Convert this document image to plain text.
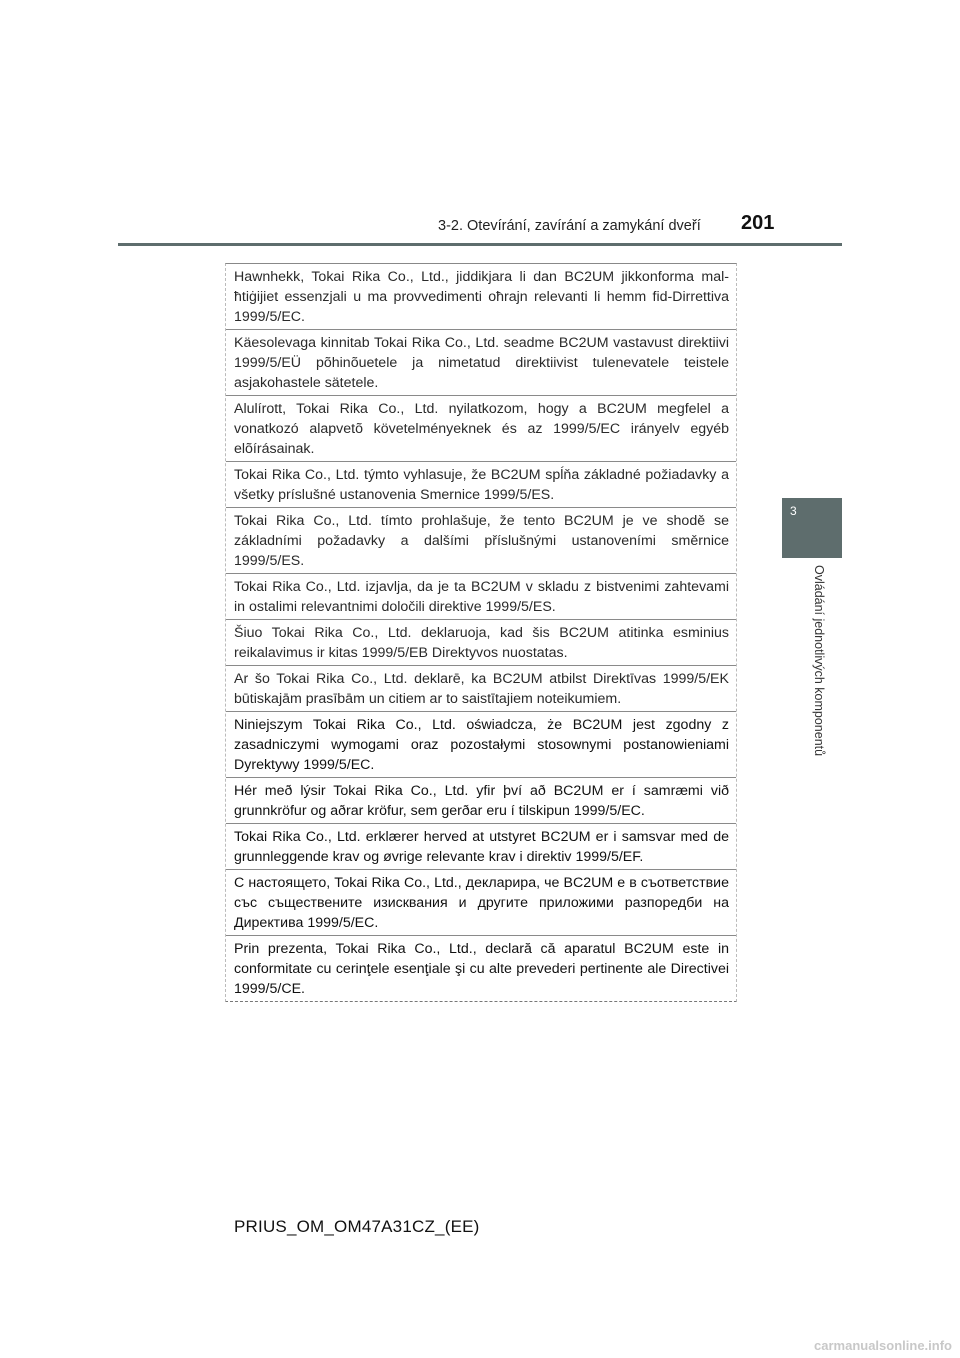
3-2. Otevírání, zavírání a zamykání dveří 201
3
Ovládání jednotlivých komponentů
Hawnhekk, Tokai Rika Co., Ltd., jiddikjara li dan BC2UM jikkonforma mal-ħtiġijiet essenzjali u ma provvedimenti oħrajn relevanti li hemm fid-Dirrettiva 1999/5/EC.
Käesolevaga kinnitab Tokai Rika Co., Ltd. seadme BC2UM vastavust direktiivi 1999/5/EÜ põhinõuetele ja nimetatud direktiivist tulenevatele teistele asjakohastele sätetele.
Alulírott, Tokai Rika Co., Ltd. nyilatkozom, hogy a BC2UM megfelel a vonatkozó alapvetõ követelményeknek és az 1999/5/EC irányelv egyéb elõírásainak.
Tokai Rika Co., Ltd. týmto vyhlasuje, že BC2UM spĺňa základné požiadavky a všetky príslušné ustanovenia Smernice 1999/5/ES.
Tokai Rika Co., Ltd. tímto prohlašuje, že tento BC2UM je ve shodě se základními požadavky a dalšími příslušnými ustanoveními směrnice 1999/5/ES.
Tokai Rika Co., Ltd. izjavlja, da je ta BC2UM v skladu z bistvenimi zahtevami in ostalimi relevantnimi določili direktive 1999/5/ES.
Šiuo Tokai Rika Co., Ltd. deklaruoja, kad šis BC2UM atitinka esminius reikalavimus ir kitas 1999/5/EB Direktyvos nuostatas.
Ar šo Tokai Rika Co., Ltd. deklarē, ka BC2UM atbilst Direktīvas 1999/5/EK būtiskajām prasībām un citiem ar to saistītajiem noteikumiem.
Niniejszym Tokai Rika Co., Ltd. oświadcza, że BC2UM jest zgodny z zasadniczymi wymogami oraz pozostałymi stosownymi postanowieniami Dyrektywy 1999/5/EC.
Hér með lýsir Tokai Rika Co., Ltd. yfir því að BC2UM er í samræmi við grunnkröfur og aðrar kröfur, sem gerðar eru í tilskipun 1999/5/EC.
Tokai Rika Co., Ltd. erklærer herved at utstyret BC2UM er i samsvar med de grunnleggende krav og øvrige relevante krav i direktiv 1999/5/EF.
С настоящето, Tokai Rika Co., Ltd., декларира, че BC2UM е в съответствие със съществените изисквания и другите приложими разпоредби на Директива 1999/5/ЕС.
Prin prezenta, Tokai Rika Co., Ltd., declară că aparatul BC2UM este in conformitate cu cerinţele esenţiale şi cu alte prevederi pertinente ale Directivei 1999/5/CE.
PRIUS_OM_OM47A31CZ_(EE)
carmanualsonline.info
